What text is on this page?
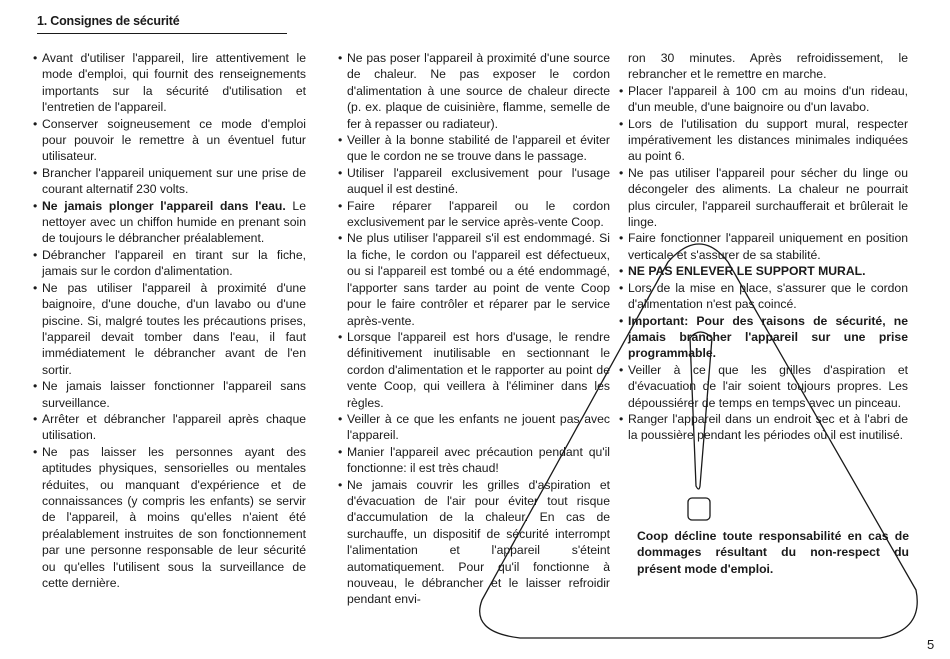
1. Consignes de sécurité
• Avant d'utiliser l'appareil, lire attentivement le mode d'emploi, qui fournit des renseignements importants sur la sécurité d'utilisation et l'entretien de l'appareil.
• Conserver soigneusement ce mode d'emploi pour pouvoir le remettre à un éventuel futur utilisateur.
• Brancher l'appareil uniquement sur une prise de courant alternatif 230 volts.
• Ne jamais plonger l'appareil dans l'eau. Le nettoyer avec un chiffon humide en prenant soin de toujours le débrancher préalablement.
• Débrancher l'appareil en tirant sur la fiche, jamais sur le cordon d'alimentation.
• Ne pas utiliser l'appareil à proximité d'une baignoire, d'une douche, d'un lavabo ou d'une piscine. Si, malgré toutes les précautions prises, l'appareil devait tomber dans l'eau, il faut immédiatement le débrancher avant de l'en sortir.
• Ne jamais laisser fonctionner l'appareil sans surveillance.
• Arrêter et débrancher l'appareil après chaque utilisation.
• Ne pas laisser les personnes ayant des aptitudes physiques, sensorielles ou mentales réduites, ou manquant d'expérience et de connaissances (y compris les enfants) se servir de l'appareil, à moins qu'elles n'aient été préalablement instruites de son fonctionnement par une personne responsable de leur sécurité ou qu'elles l'utilisent sous la surveillance de cette dernière.
• Ne pas poser l'appareil à proximité d'une source de chaleur. Ne pas exposer le cordon d'alimentation à une source de chaleur directe (p. ex. plaque de cuisinière, flamme, semelle de fer à repasser ou radiateur).
• Veiller à la bonne stabilité de l'appareil et éviter que le cordon ne se trouve dans le passage.
• Utiliser l'appareil exclusivement pour l'usage auquel il est destiné.
• Faire réparer l'appareil ou le cordon exclusivement par le service après-vente Coop.
• Ne plus utiliser l'appareil s'il est endommagé. Si la fiche, le cordon ou l'appareil est défectueux, ou si l'appareil est tombé ou a été endommagé, l'apporter sans tarder au point de vente Coop pour le faire contrôler et réparer par le service après-vente.
• Lorsque l'appareil est hors d'usage, le rendre définitivement inutilisable en sectionnant le cordon d'alimentation et le rapporter au point de vente Coop, qui veillera à l'éliminer dans les règles.
• Veiller à ce que les enfants ne jouent pas avec l'appareil.
• Manier l'appareil avec précaution pendant qu'il fonctionne: il est très chaud!
• Ne jamais couvrir les grilles d'aspiration et d'évacuation de l'air pour éviter tout risque d'accumulation de la chaleur. En cas de surchauffe, un dispositif de sécurité interrompt l'alimentation et l'appareil s'éteint automatiquement. Pour qu'il fonctionne à nouveau, le débrancher et le laisser refroidir pendant envi-
ron 30 minutes. Après refroidissement, le rebrancher et le remettre en marche.
• Placer l'appareil à 100 cm au moins d'un rideau, d'un meuble, d'une baignoire ou d'un lavabo.
• Lors de l'utilisation du support mural, respecter impérativement les distances minimales indiquées au point 6.
• Ne pas utiliser l'appareil pour sécher du linge ou décongeler des aliments. La chaleur ne pourrait plus circuler, l'appareil surchaufferait et brûlerait le linge.
• Faire fonctionner l'appareil uniquement en position verticale et s'assurer de sa stabilité.
• NE PAS ENLEVER LE SUPPORT MURAL.
• Lors de la mise en place, s'assurer que le cordon d'alimentation n'est pas coincé.
• Important: Pour des raisons de sécurité, ne jamais brancher l'appareil sur une prise programmable.
• Veiller à ce que les grilles d'aspiration et d'évacuation de l'air soient toujours propres. Les dépoussiérer de temps en temps avec un pinceau.
• Ranger l'appareil dans un endroit sec et à l'abri de la poussière pendant les périodes où il est inutilisé.
Coop décline toute responsabilité en cas de dommages résultant du non-respect du présent mode d'emploi.
5
